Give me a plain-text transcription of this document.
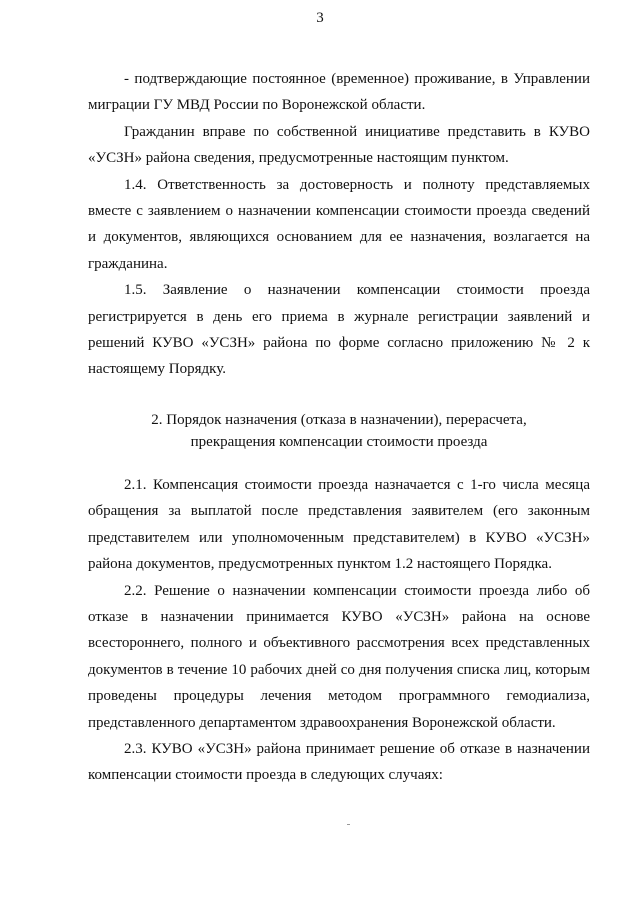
3

- подтверждающие постоянное (временное) проживание, в Управлении миграции ГУ МВД России по Воронежской области.

Гражданин вправе по собственной инициативе представить в КУВО «УСЗН» района сведения, предусмотренные настоящим пунктом.

1.4. Ответственность за достоверность и полноту представляемых вместе с заявлением о назначении компенсации стоимости проезда сведений и документов, являющихся основанием для ее назначения, возлагается на гражданина.

1.5. Заявление о назначении компенсации стоимости проезда регистрируется в день его приема в журнале регистрации заявлений и решений КУВО «УСЗН» района по форме согласно приложению № 2 к настоящему Порядку.

2. Порядок назначения (отказа в назначении), перерасчета,
прекращения компенсации стоимости проезда

2.1. Компенсация стоимости проезда назначается с 1-го числа месяца обращения за выплатой после представления заявителем (его законным представителем или уполномоченным представителем) в КУВО «УСЗН» района документов, предусмотренных пунктом 1.2 настоящего Порядка.

2.2. Решение о назначении компенсации стоимости проезда либо об отказе в назначении принимается КУВО «УСЗН» района на основе всестороннего, полного и объективного рассмотрения всех представленных документов в течение 10 рабочих дней со дня получения списка лиц, которым проведены процедуры лечения методом программного гемодиализа, представленного департаментом здравоохранения Воронежской области.

2.3. КУВО «УСЗН» района принимает решение об отказе в назначении компенсации стоимости проезда в следующих случаях:
